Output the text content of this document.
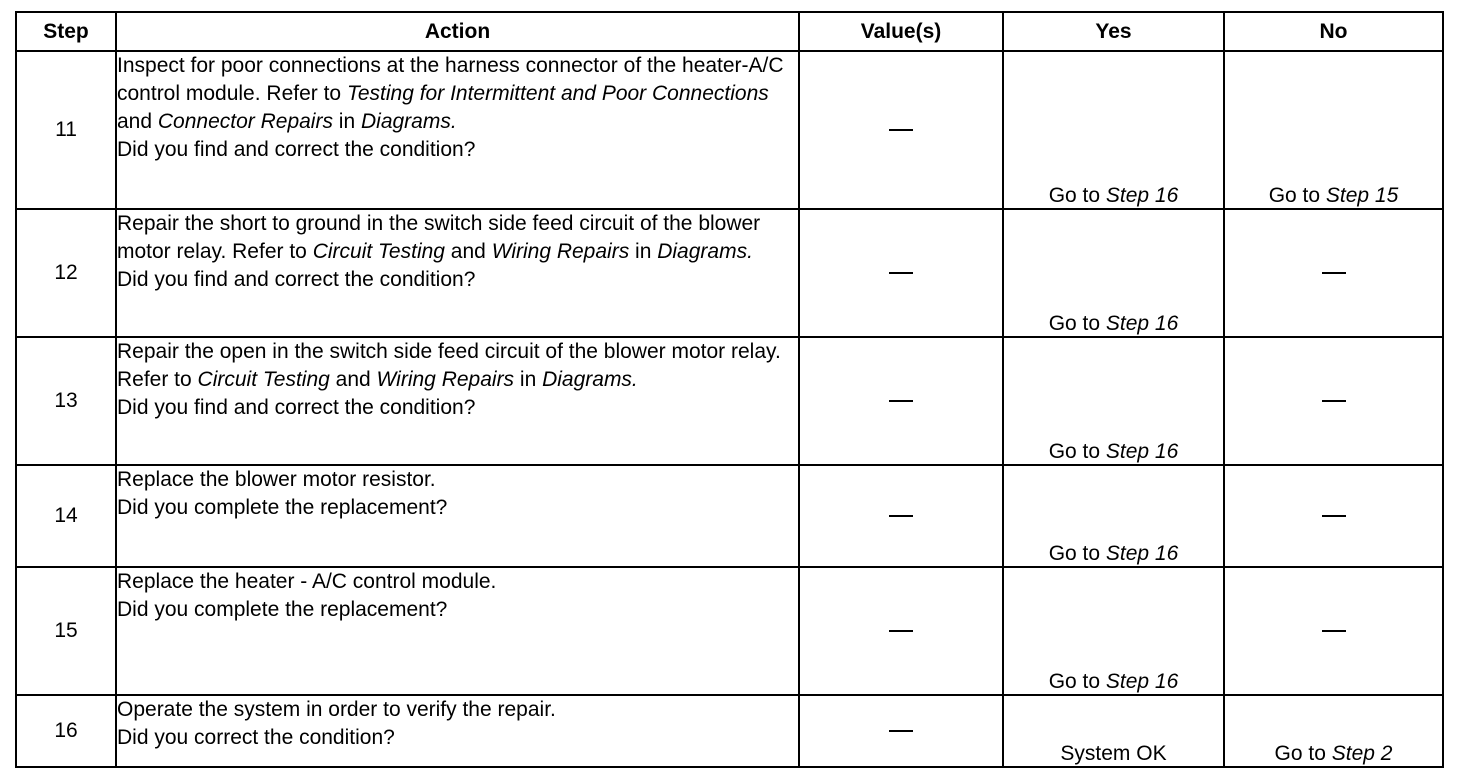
Step	Action	Value(s)	Yes	No
11	Inspect for poor connections at the harness connector of the heater-A/C control module. Refer to Testing for Intermittent and Poor Connections and Connector Repairs in Diagrams.
Did you find and correct the condition?		Go to Step 16	Go to Step 15
12	Repair the short to ground in the switch side feed circuit of the blower motor relay. Refer to Circuit Testing and Wiring Repairs in Diagrams.
Did you find and correct the condition?		Go to Step 16	
13	Repair the open in the switch side feed circuit of the blower motor relay. Refer to Circuit Testing and Wiring Repairs in Diagrams.
Did you find and correct the condition?		Go to Step 16	
14	Replace the blower motor resistor.
Did you complete the replacement?		Go to Step 16	
15	Replace the heater - A/C control module.
Did you complete the replacement?		Go to Step 16	
16	Operate the system in order to verify the repair.
Did you correct the condition?		System OK	Go to Step 2
